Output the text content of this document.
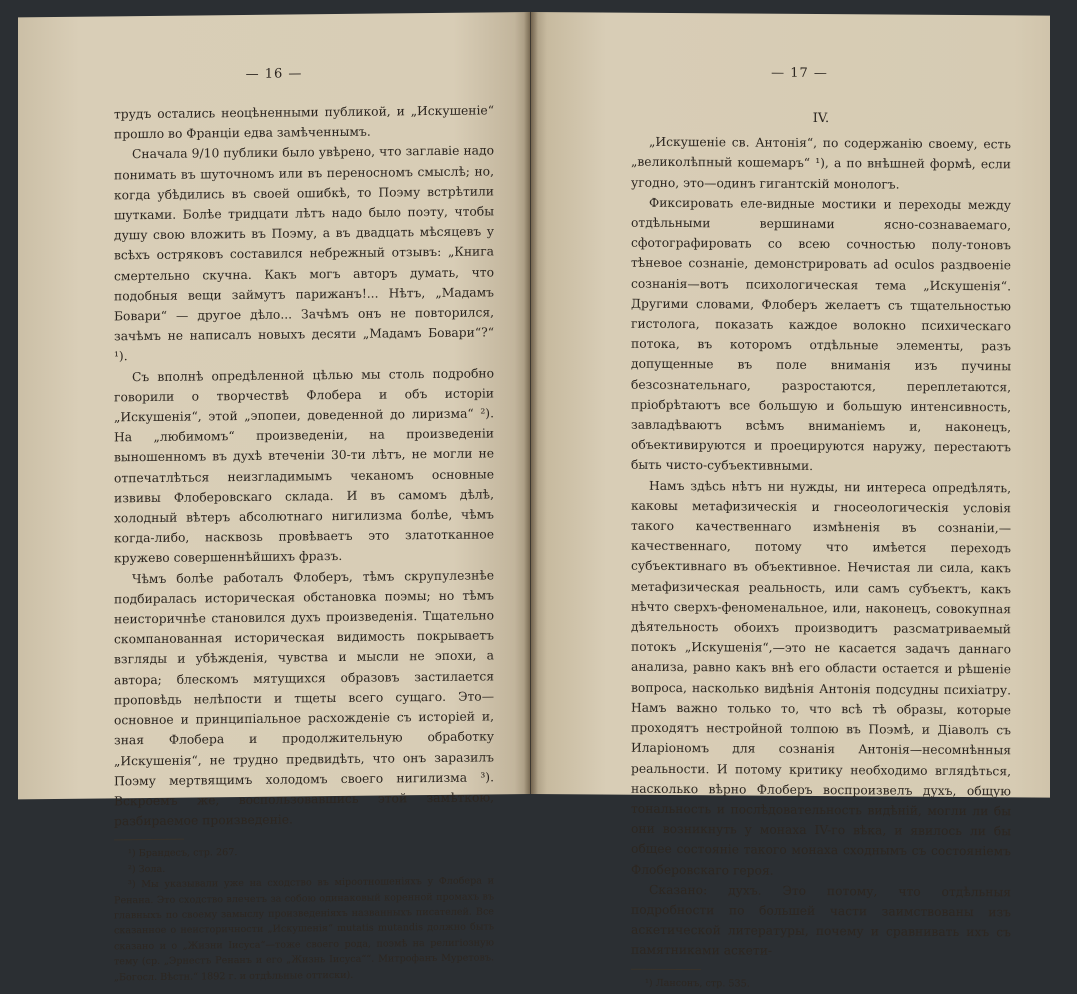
— 16 —

трудъ остались неоцѣненными публикой, и „Искушеніе“ прошло во Франціи едва замѣченнымъ.

Сначала 9/10 публики было увѣрено, что заглавіе надо понимать въ шуточномъ или въ переносномъ смыслѣ; но, когда убѣдились въ своей ошибкѣ, то Поэму встрѣтили шутками. Болѣе тридцати лѣтъ надо было поэту, чтобы душу свою вложить въ Поэму, а въ двадцать мѣсяцевъ у всѣхъ остряковъ составился небрежный отзывъ: „Книга смертельно скучна. Какъ могъ авторъ думать, что подобныя вещи займутъ парижанъ!... Нѣтъ, „Мадамъ Бовари“ — другое дѣло... Зачѣмъ онъ не повторился, зачѣмъ не написалъ новыхъ десяти „Мадамъ Бовари“?“ ¹).

Съ вполнѣ опредѣленной цѣлью мы столь подробно говорили о творчествѣ Флобера и объ исторіи „Искушенія“, этой „эпопеи, доведенной до лиризма“ ²). На „любимомъ“ произведеніи, на произведеніи выношенномъ въ духѣ втеченіи 30-ти лѣтъ, не могли не отпечатлѣться неизгладимымъ чеканомъ основные извивы Флоберовскаго склада. И въ самомъ дѣлѣ, холодный вѣтеръ абсолютнаго нигилизма болѣе, чѣмъ когда-либо, насквозь провѣваетъ это златотканное кружево совершеннѣйшихъ фразъ.

Чѣмъ болѣе работалъ Флоберъ, тѣмъ скрупулезнѣе подбиралась историческая обстановка поэмы; но тѣмъ неисторичнѣе становился духъ произведенія. Тщательно скомпанованная историческая видимость покрываетъ взгляды и убѣжденія, чувства и мысли не эпохи, а автора; блескомъ мятущихся образовъ застилается проповѣдь нелѣпости и тщеты всего сущаго. Это—основное и принципіальное расхожденіе съ исторіей и, зная Флобера и продолжительную обработку „Искушенія“, не трудно предвидѣть, что онъ заразилъ Поэму мертвящимъ холодомъ своего нигилизма ³). Вскроемъ же, воспользовавшись этой замѣткою, разбираемое произведеніе.

¹) Брандесъ, стр. 267.

²) Зола.

³) Мы указывали уже на сходство въ міроотношеніяхъ у Флобера и Ренана. Это сходство влечетъ за собою одинаковый коренной промахъ въ главныхъ по своему замыслу произведеніяхъ названныхъ писателей. Все сказанное о неисторичности „Искушенія“ mutatis mutandis должно быть сказано и о „Жизни Іисуса“—тоже своего рода, поэмѣ на религіозную тему (ср. „Эрнестъ Ренанъ и его „Жизнь Іисуса““. Митрофанъ Муретовъ. „Богосл. Вѣстн.“ 1892 г. и отдѣльные оттиски).

— 17 —
IV.

„Искушеніе св. Антонія“, по содержанію своему, есть „великолѣпный кошемаръ“ ¹), а по внѣшней формѣ, если угодно, это—одинъ гигантскій монологъ.

Фиксировать еле-видные мостики и переходы между отдѣльными вершинами ясно-сознаваемаго, сфотографировать со всею сочностью полу-тоновъ тѣневое сознаніе, демонстрировать ad oculos раздвоеніе сознанія—вотъ психологическая тема „Искушенія“. Другими словами, Флоберъ желаетъ съ тщательностью гистолога, показать каждое волокно психическаго потока, въ которомъ отдѣльные элементы, разъ допущенные въ поле вниманія изъ пучины безсознательнаго, разростаются, переплетаются, пріобрѣтаютъ все большую и большую интенсивность, завладѣваютъ всѣмъ вниманіемъ и, наконецъ, объективируются и проецируются наружу, перестаютъ быть чисто-субъективными.

Намъ здѣсь нѣтъ ни нужды, ни интереса опредѣлять, каковы метафизическія и гносеологическія условія такого качественнаго измѣненія въ сознаніи,—качественнаго, потому что имѣется переходъ субъективнаго въ объективное. Нечистая ли сила, какъ метафизическая реальность, или самъ субъектъ, какъ нѣчто сверхъ-феноменальное, или, наконецъ, совокупная дѣятельность обоихъ производитъ разсматриваемый потокъ „Искушенія“,—это не касается задачъ даннаго анализа, равно какъ внѣ его области остается и рѣшеніе вопроса, насколько видѣнія Антонія подсудны психіатру. Намъ важно только то, что всѣ тѣ образы, которые проходятъ нестройной толпою въ Поэмѣ, и Діаволъ съ Иларіономъ для сознанія Антонія—несомнѣнныя реальности. И потому критику необходимо вглядѣться, насколько вѣрно Флоберъ воспроизвелъ духъ, общую тональность и послѣдовательность видѣній, могли ли бы они возникнуть у монаха IV-го вѣка, и явилось ли бы общее состояніе такого монаха сходнымъ съ состояніемъ Флоберовскаго героя.

Сказано: духъ. Это потому, что отдѣльныя подробности по большей части заимствованы изъ аскетической литературы, почему и сравнивать ихъ съ памятниками аскети-

¹) Лансонъ, стр. 535.
